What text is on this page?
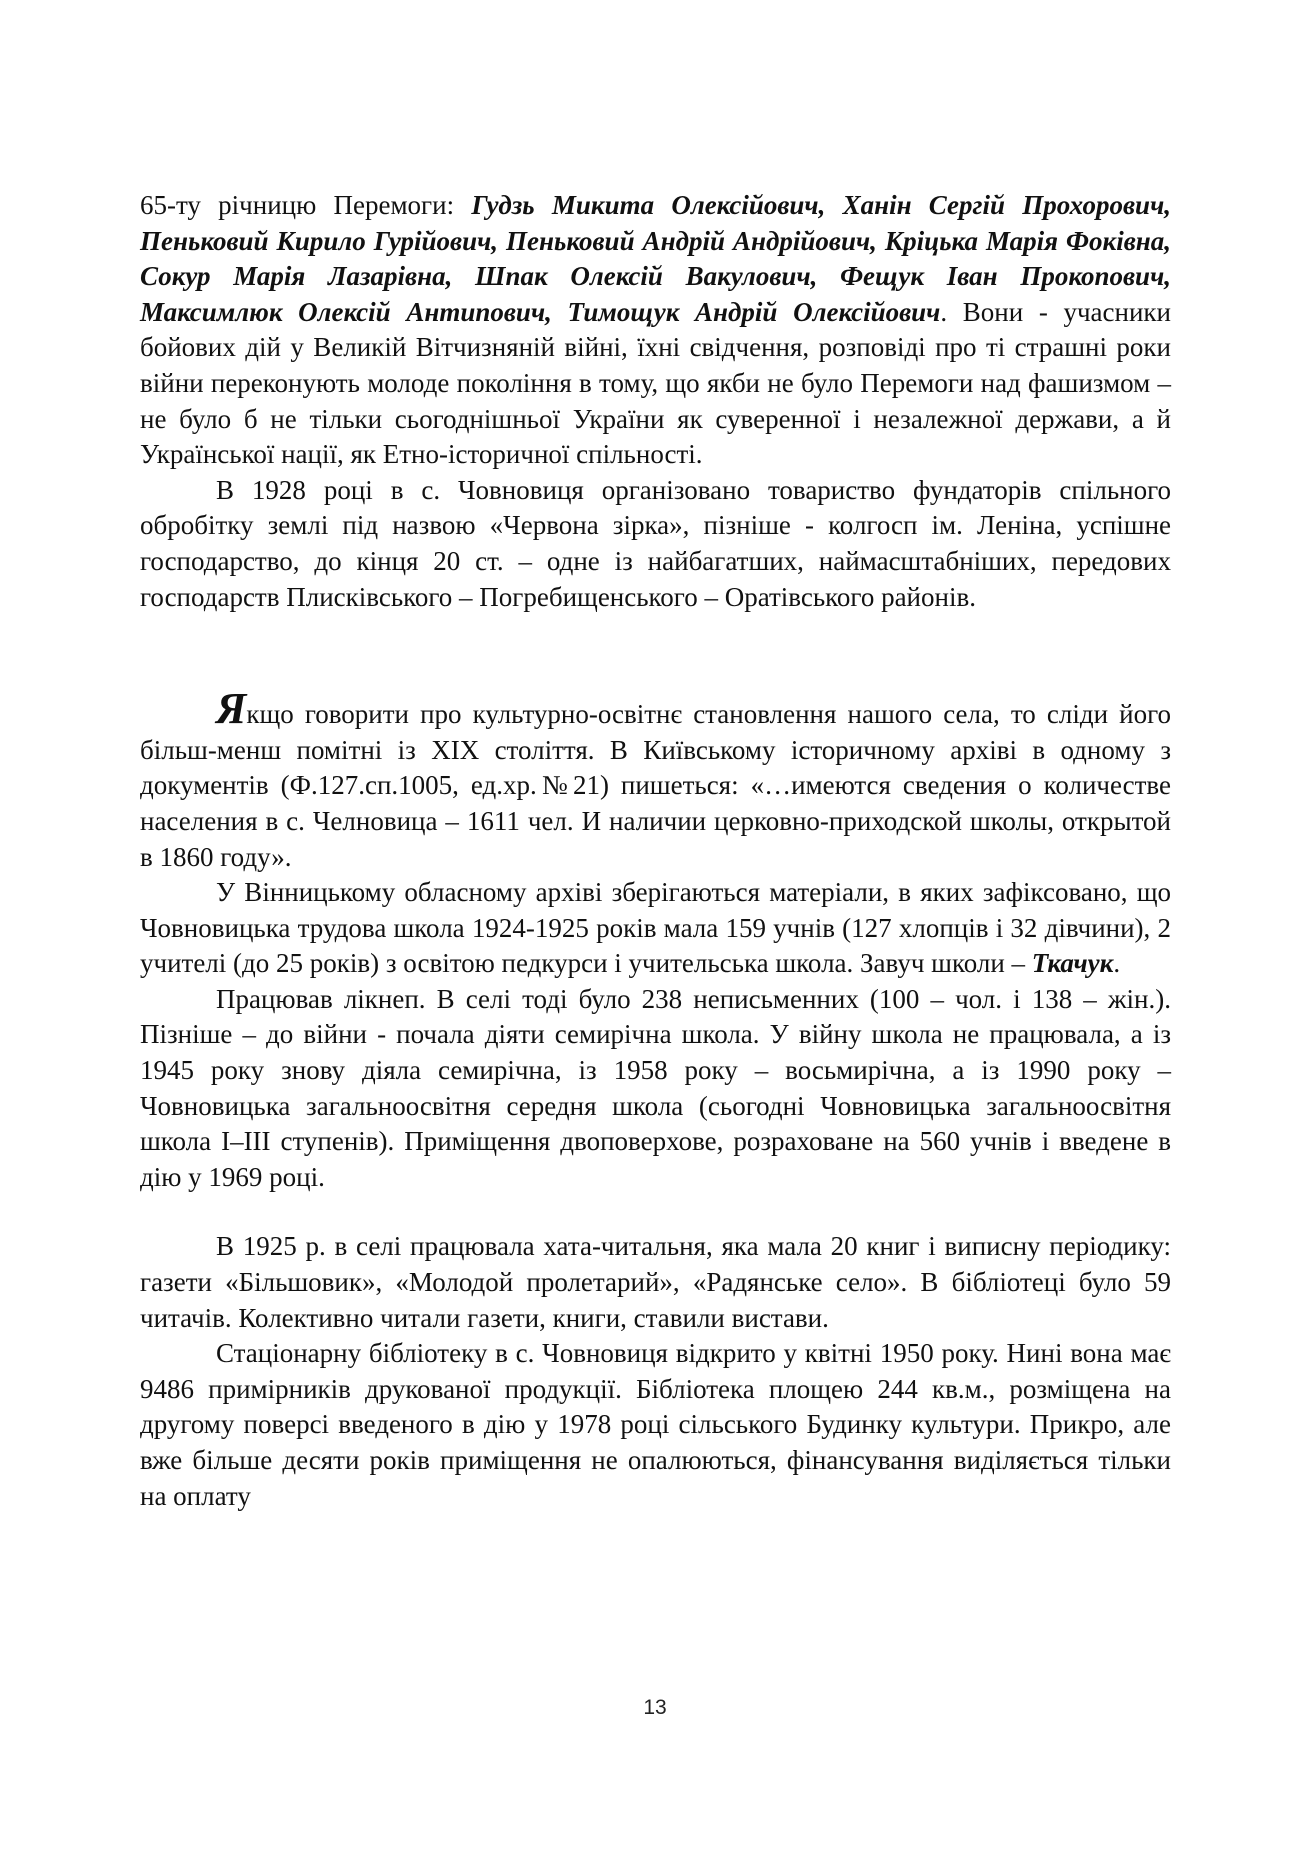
65-ту річницю Перемоги: Гудзь Микита Олексійович, Ханін Сергій Прохорович, Пеньковий Кирило Гурійович, Пеньковий Андрій Андрійович, Кріцька Марія Фоківна, Сокур Марія Лазарівна, Шпак Олексій Вакулович, Фещук Іван Прокопович, Максимлюк Олексій Антипович, Тимощук Андрій Олексійович. Вони - учасники бойових дій у Великій Вітчизняній війні, їхні свідчення, розповіді про ті страшні роки війни переконують молоде покоління в тому, що якби не було Перемоги над фашизмом – не було б не тільки сьогоднішньої України як суверенної і незалежної держави, а й Української нації, як Етно-історичної спільності.

В 1928 році в с. Човновиця організовано товариство фундаторів спільного обробітку землі під назвою «Червона зірка», пізніше - колгосп ім. Леніна, успішне господарство, до кінця 20 ст. – одне із найбагатших, наймасштабніших, передових господарств Плисківського – Погребищенського – Оратівського районів.

Якщо говорити про культурно-освітнє становлення нашого села, то сліди його більш-менш помітні із XIX століття. В Київському історичному архіві в одному з документів (Ф.127.сп.1005, ед.хр.№21) пишеться: «…имеются сведения о количестве населения в с. Челновица – 1611 чел. И наличии церковно-приходской школы, открытой в 1860 году».

У Вінницькому обласному архіві зберігаються матеріали, в яких зафіксовано, що Човновицька трудова школа 1924-1925 років мала 159 учнів (127 хлопців і 32 дівчини), 2 учителі (до 25 років) з освітою педкурси і учительська школа. Завуч школи – Ткачук.

Працював лікнеп. В селі тоді було 238 неписьменних (100 – чол. і 138 – жін.). Пізніше – до війни - почала діяти семирічна школа. У війну школа не працювала, а із 1945 року знову діяла семирічна, із 1958 року – восьмирічна, а із 1990 року – Човновицька загальноосвітня середня школа (сьогодні Човновицька загальноосвітня школа І–ІІІ ступенів). Приміщення двоповерхове, розраховане на 560 учнів і введене в дію у 1969 році.

В 1925 р. в селі працювала хата-читальня, яка мала 20 книг і виписну періодику: газети «Більшовик», «Молодой пролетарий», «Радянське село». В бібліотеці було 59 читачів. Колективно читали газети, книги, ставили вистави.

Стаціонарну бібліотеку в с. Човновиця відкрито у квітні 1950 року. Нині вона має 9486 примірників друкованої продукції. Бібліотека площею 244 кв.м., розміщена на другому поверсі введеного в дію у 1978 році сільського Будинку культури. Прикро, але вже більше десяти років приміщення не опалюються, фінансування виділяється тільки на оплату

13
